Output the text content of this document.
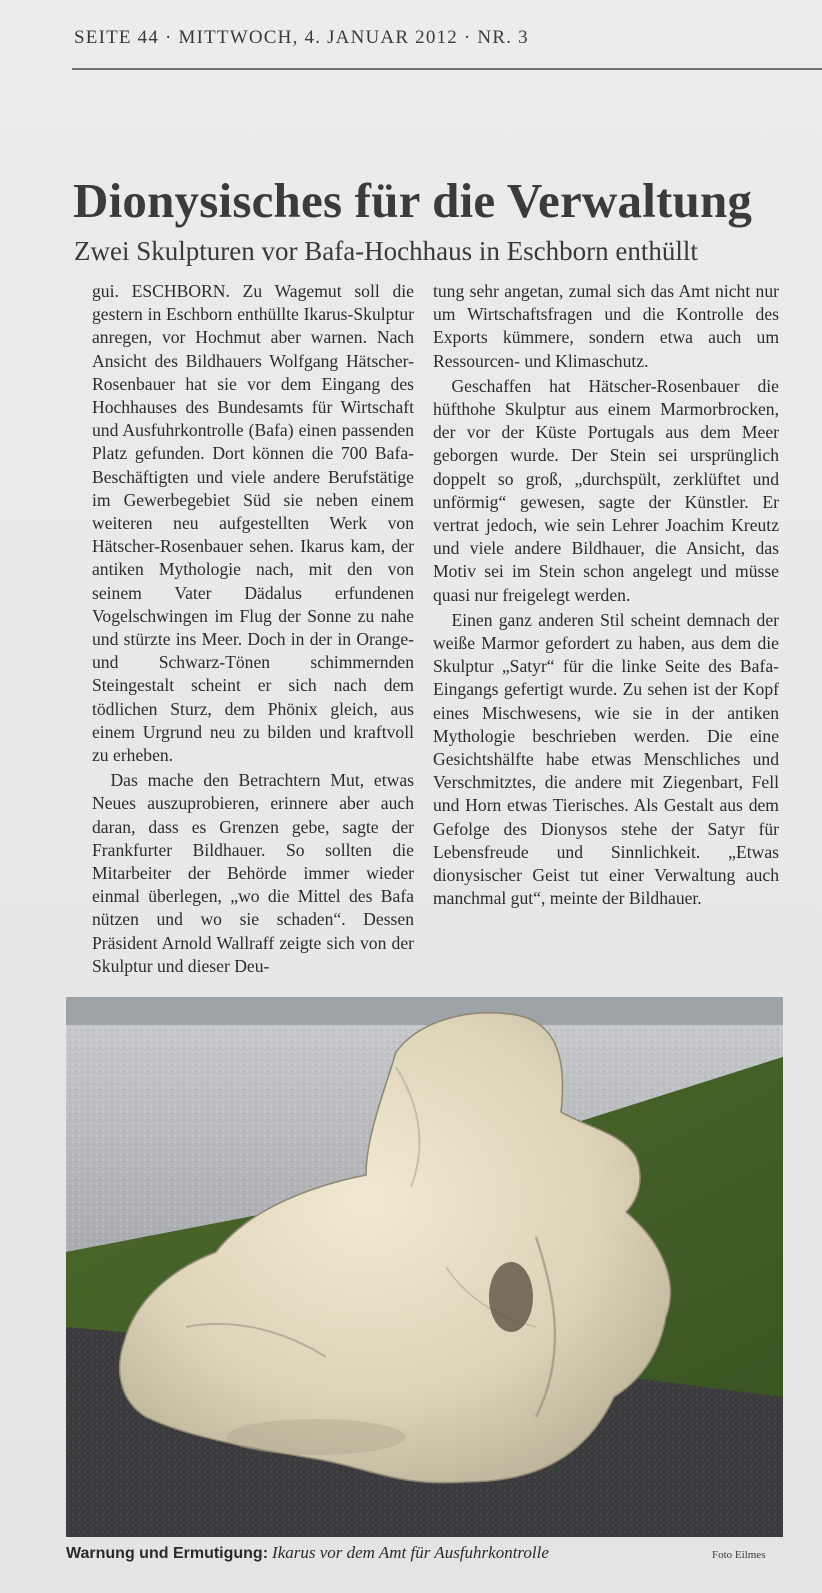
SEITE 44 · MITTWOCH, 4. JANUAR 2012 · NR. 3
Dionysisches für die Verwaltung
Zwei Skulpturen vor Bafa-Hochhaus in Eschborn enthüllt

gui. ESCHBORN. Zu Wagemut soll die gestern in Eschborn enthüllte Ikarus-Skulptur anregen, vor Hochmut aber warnen. Nach Ansicht des Bildhauers Wolfgang Hätscher-Rosenbauer hat sie vor dem Eingang des Hochhauses des Bundesamts für Wirtschaft und Ausfuhrkontrolle (Bafa) einen passenden Platz gefunden. Dort können die 700 Bafa-Beschäftigten und viele andere Berufstätige im Gewerbegebiet Süd sie neben einem weiteren neu aufgestellten Werk von Hätscher-Rosenbauer sehen. Ikarus kam, der antiken Mythologie nach, mit den von seinem Vater Dädalus erfundenen Vogelschwingen im Flug der Sonne zu nahe und stürzte ins Meer. Doch in der in Orange- und Schwarz-Tönen schimmernden Steingestalt scheint er sich nach dem tödlichen Sturz, dem Phönix gleich, aus einem Urgrund neu zu bilden und kraftvoll zu erheben.

Das mache den Betrachtern Mut, etwas Neues auszuprobieren, erinnere aber auch daran, dass es Grenzen gebe, sagte der Frankfurter Bildhauer. So sollten die Mitarbeiter der Behörde immer wieder einmal überlegen, „wo die Mittel des Bafa nützen und wo sie schaden“. Dessen Präsident Arnold Wallraff zeigte sich von der Skulptur und dieser Deu-

tung sehr angetan, zumal sich das Amt nicht nur um Wirtschaftsfragen und die Kontrolle des Exports kümmere, sondern etwa auch um Ressourcen- und Klimaschutz.

Geschaffen hat Hätscher-Rosenbauer die hüfthohe Skulptur aus einem Marmorbrocken, der vor der Küste Portugals aus dem Meer geborgen wurde. Der Stein sei ursprünglich doppelt so groß, „durchspült, zerklüftet und unförmig“ gewesen, sagte der Künstler. Er vertrat jedoch, wie sein Lehrer Joachim Kreutz und viele andere Bildhauer, die Ansicht, das Motiv sei im Stein schon angelegt und müsse quasi nur freigelegt werden.

Einen ganz anderen Stil scheint demnach der weiße Marmor gefordert zu haben, aus dem die Skulptur „Satyr“ für die linke Seite des Bafa-Eingangs gefertigt wurde. Zu sehen ist der Kopf eines Mischwesens, wie sie in der antiken Mythologie beschrieben werden. Die eine Gesichtshälfte habe etwas Menschliches und Verschmitztes, die andere mit Ziegenbart, Fell und Horn etwas Tierisches. Als Gestalt aus dem Gefolge des Dionysos stehe der Satyr für Lebensfreude und Sinnlichkeit. „Etwas dionysischer Geist tut einer Verwaltung auch manchmal gut“, meinte der Bildhauer.

Warnung und Ermutigung: Ikarus vor dem Amt für Ausfuhrkontrolle	Foto Eilmes
